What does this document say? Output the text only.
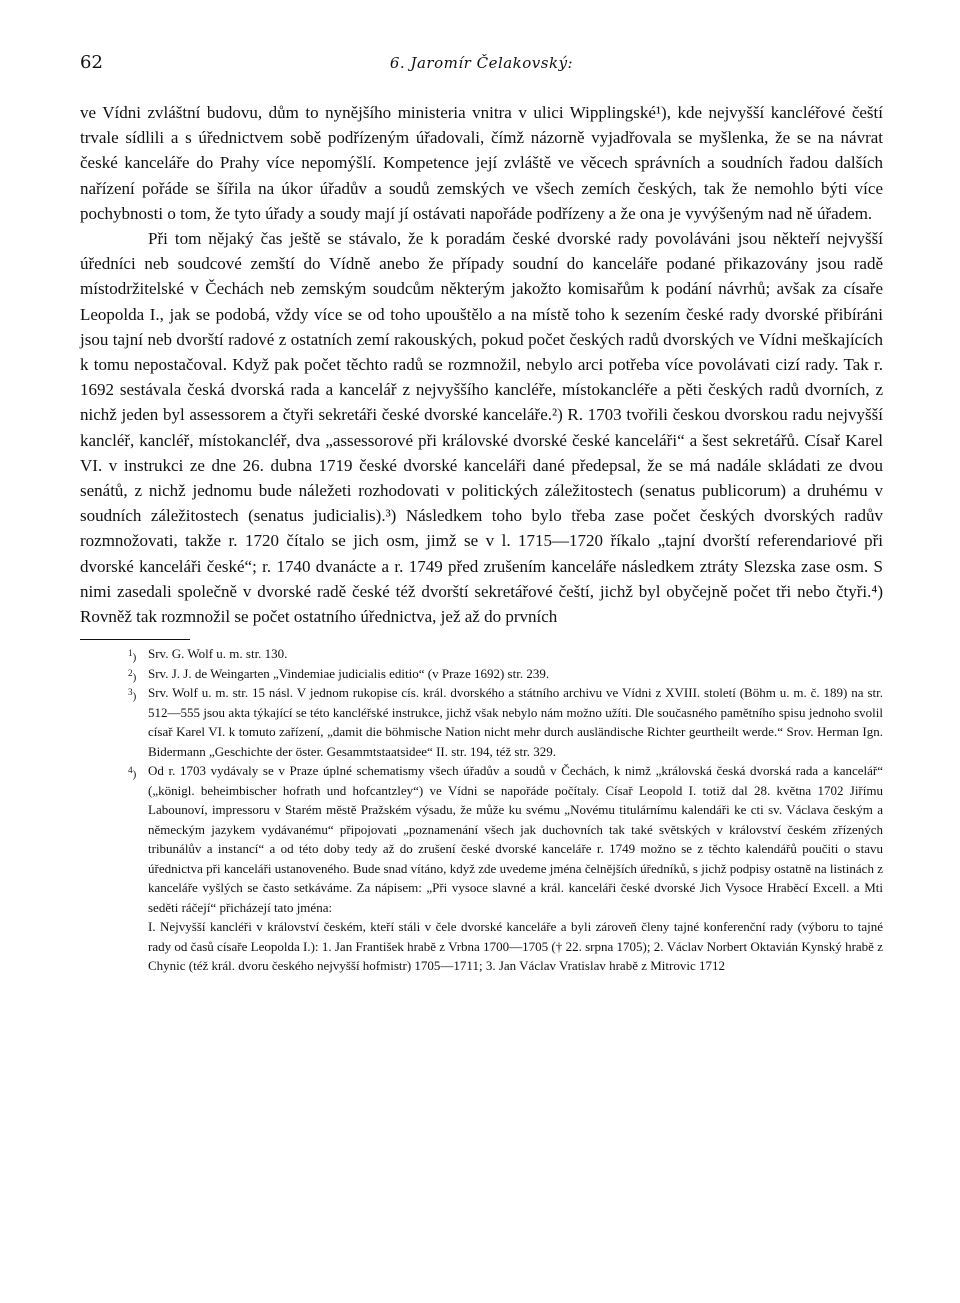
62	6. Jaromír Čelakovský:

ve Vídni zvláštní budovu, dům to nynějšího ministeria vnitra v ulici Wipplingské¹), kde nejvyšší kancléřové čeští trvale sídlili a s úřednictvem sobě podřízeným úřadovali, čímž názorně vyjadřovala se myšlenka, že se na návrat české kanceláře do Prahy více nepomýšlí. Kompetence její zvláště ve věcech správních a soudních řadou dalších nařízení pořáde se šířila na úkor úřadův a soudů zemských ve všech zemích českých, tak že nemohlo býti více pochybnosti o tom, že tyto úřady a soudy mají jí ostávati napořáde podřízeny a že ona je vyvýšeným nad ně úřadem.

Při tom nějaký čas ještě se stávalo, že k poradám české dvorské rady povoláváni jsou někteří nejvyšší úředníci neb soudcové zemští do Vídně anebo že případy soudní do kanceláře podané přikazovány jsou radě místodržitelské v Čechách neb zemským soudcům některým jakožto komisařům k podání návrhů; avšak za císaře Leopolda I., jak se podobá, vždy více se od toho upouštělo a na místě toho k sezením české rady dvorské přibíráni jsou tajní neb dvorští radové z ostatních zemí rakouských, pokud počet českých radů dvorských ve Vídni meškajících k tomu nepostačoval. Když pak počet těchto radů se rozmnožil, nebylo arci potřeba více povolávati cizí rady. Tak r. 1692 sestávala česká dvorská rada a kancelář z nejvyššího kancléře, místokancléře a pěti českých radů dvorních, z nichž jeden byl assessorem a čtyři sekretáři české dvorské kanceláře.²) R. 1703 tvořili českou dvorskou radu nejvyšší kancléř, kancléř, místokancléř, dva „assessorové při královské dvorské české kanceláři“ a šest sekretářů. Císař Karel VI. v instrukci ze dne 26. dubna 1719 české dvorské kanceláři dané předepsal, že se má nadále skládati ze dvou senátů, z nichž jednomu bude náležeti rozhodovati v politických záležitostech (senatus publicorum) a druhému v soudních záležitostech (senatus judicialis).³) Následkem toho bylo třeba zase počet českých dvorských radův rozmnožovati, takže r. 1720 čítalo se jich osm, jimž se v l. 1715—1720 říkalo „tajní dvorští referendariové při dvorské kanceláři české“; r. 1740 dvanácte a r. 1749 před zrušením kanceláře následkem ztráty Slezska zase osm. S nimi zasedali společně v dvorské radě české též dvorští sekretářové čeští, jichž byl obyčejně počet tři nebo čtyři.⁴) Rovněž tak rozmnožil se počet ostatního úřednictva, jež až do prvních

$^1$) Srv. G. Wolf u. m. str. 130.

$^2$) Srv. J. J. de Weingarten „Vindemiae judicialis editio“ (v Praze 1692) str. 239.

$^3$) Srv. Wolf u. m. str. 15 násl. V jednom rukopise cís. král. dvorského a státního archivu ve Vídni z XVIII. století (Böhm u. m. č. 189) na str. 512—555 jsou akta týkající se této kancléřské instrukce, jichž však nebylo nám možno užíti. Dle současného pamětního spisu jednoho svolil císař Karel VI. k tomuto zařízení, „damit die böhmische Nation nicht mehr durch ausländische Richter geurtheilt werde.“ Srov. Herman Ign. Bidermann „Geschichte der öster. Gesammtstaatsidee“ II. str. 194, též str. 329.

$^4$) Od r. 1703 vydávaly se v Praze úplné schematismy všech úřadův a soudů v Čechách, k nimž „královská česká dvorská rada a kancelář“ („königl. beheimbischer hofrath und hofcantzley“) ve Vídni se napořáde počítaly. Císař Leopold I. totiž dal 28. května 1702 Jiřímu Labounoví, impressoru v Starém městě Pražském výsadu, že může ku svému „Novému titulárnímu kalendáři ke cti sv. Václava českým a německým jazykem vydávanému“ připojovati „poznamenání všech jak duchovních tak také světských v království českém zřízených tribunálův a instancí“ a od této doby tedy až do zrušení české dvorské kanceláře r. 1749 možno se z těchto kalendářů poučiti o stavu úřednictva při kanceláři ustanoveného. Bude snad vítáno, když zde uvedeme jména čelnějších úředníků, s jichž podpisy ostatně na listinách z kanceláře vyšlých se často setkáváme. Za nápisem: „Při vysoce slavné a král. kanceláři české dvorské Jich Vysoce Hraběcí Excell. a Mti seděti ráčejí“ přicházejí tato jména:

I. Nejvyšší kancléři v království českém, kteří stáli v čele dvorské kanceláře a byli zároveň členy tajné konferenční rady (výboru to tajné rady od časů císaře Leopolda I.): 1. Jan František hrabě z Vrbna 1700—1705 († 22. srpna 1705); 2. Václav Norbert Oktavián Kynský hrabě z Chynic (též král. dvoru českého nejvyšší hofmistr) 1705—1711; 3. Jan Václav Vratislav hrabě z Mitrovic 1712
